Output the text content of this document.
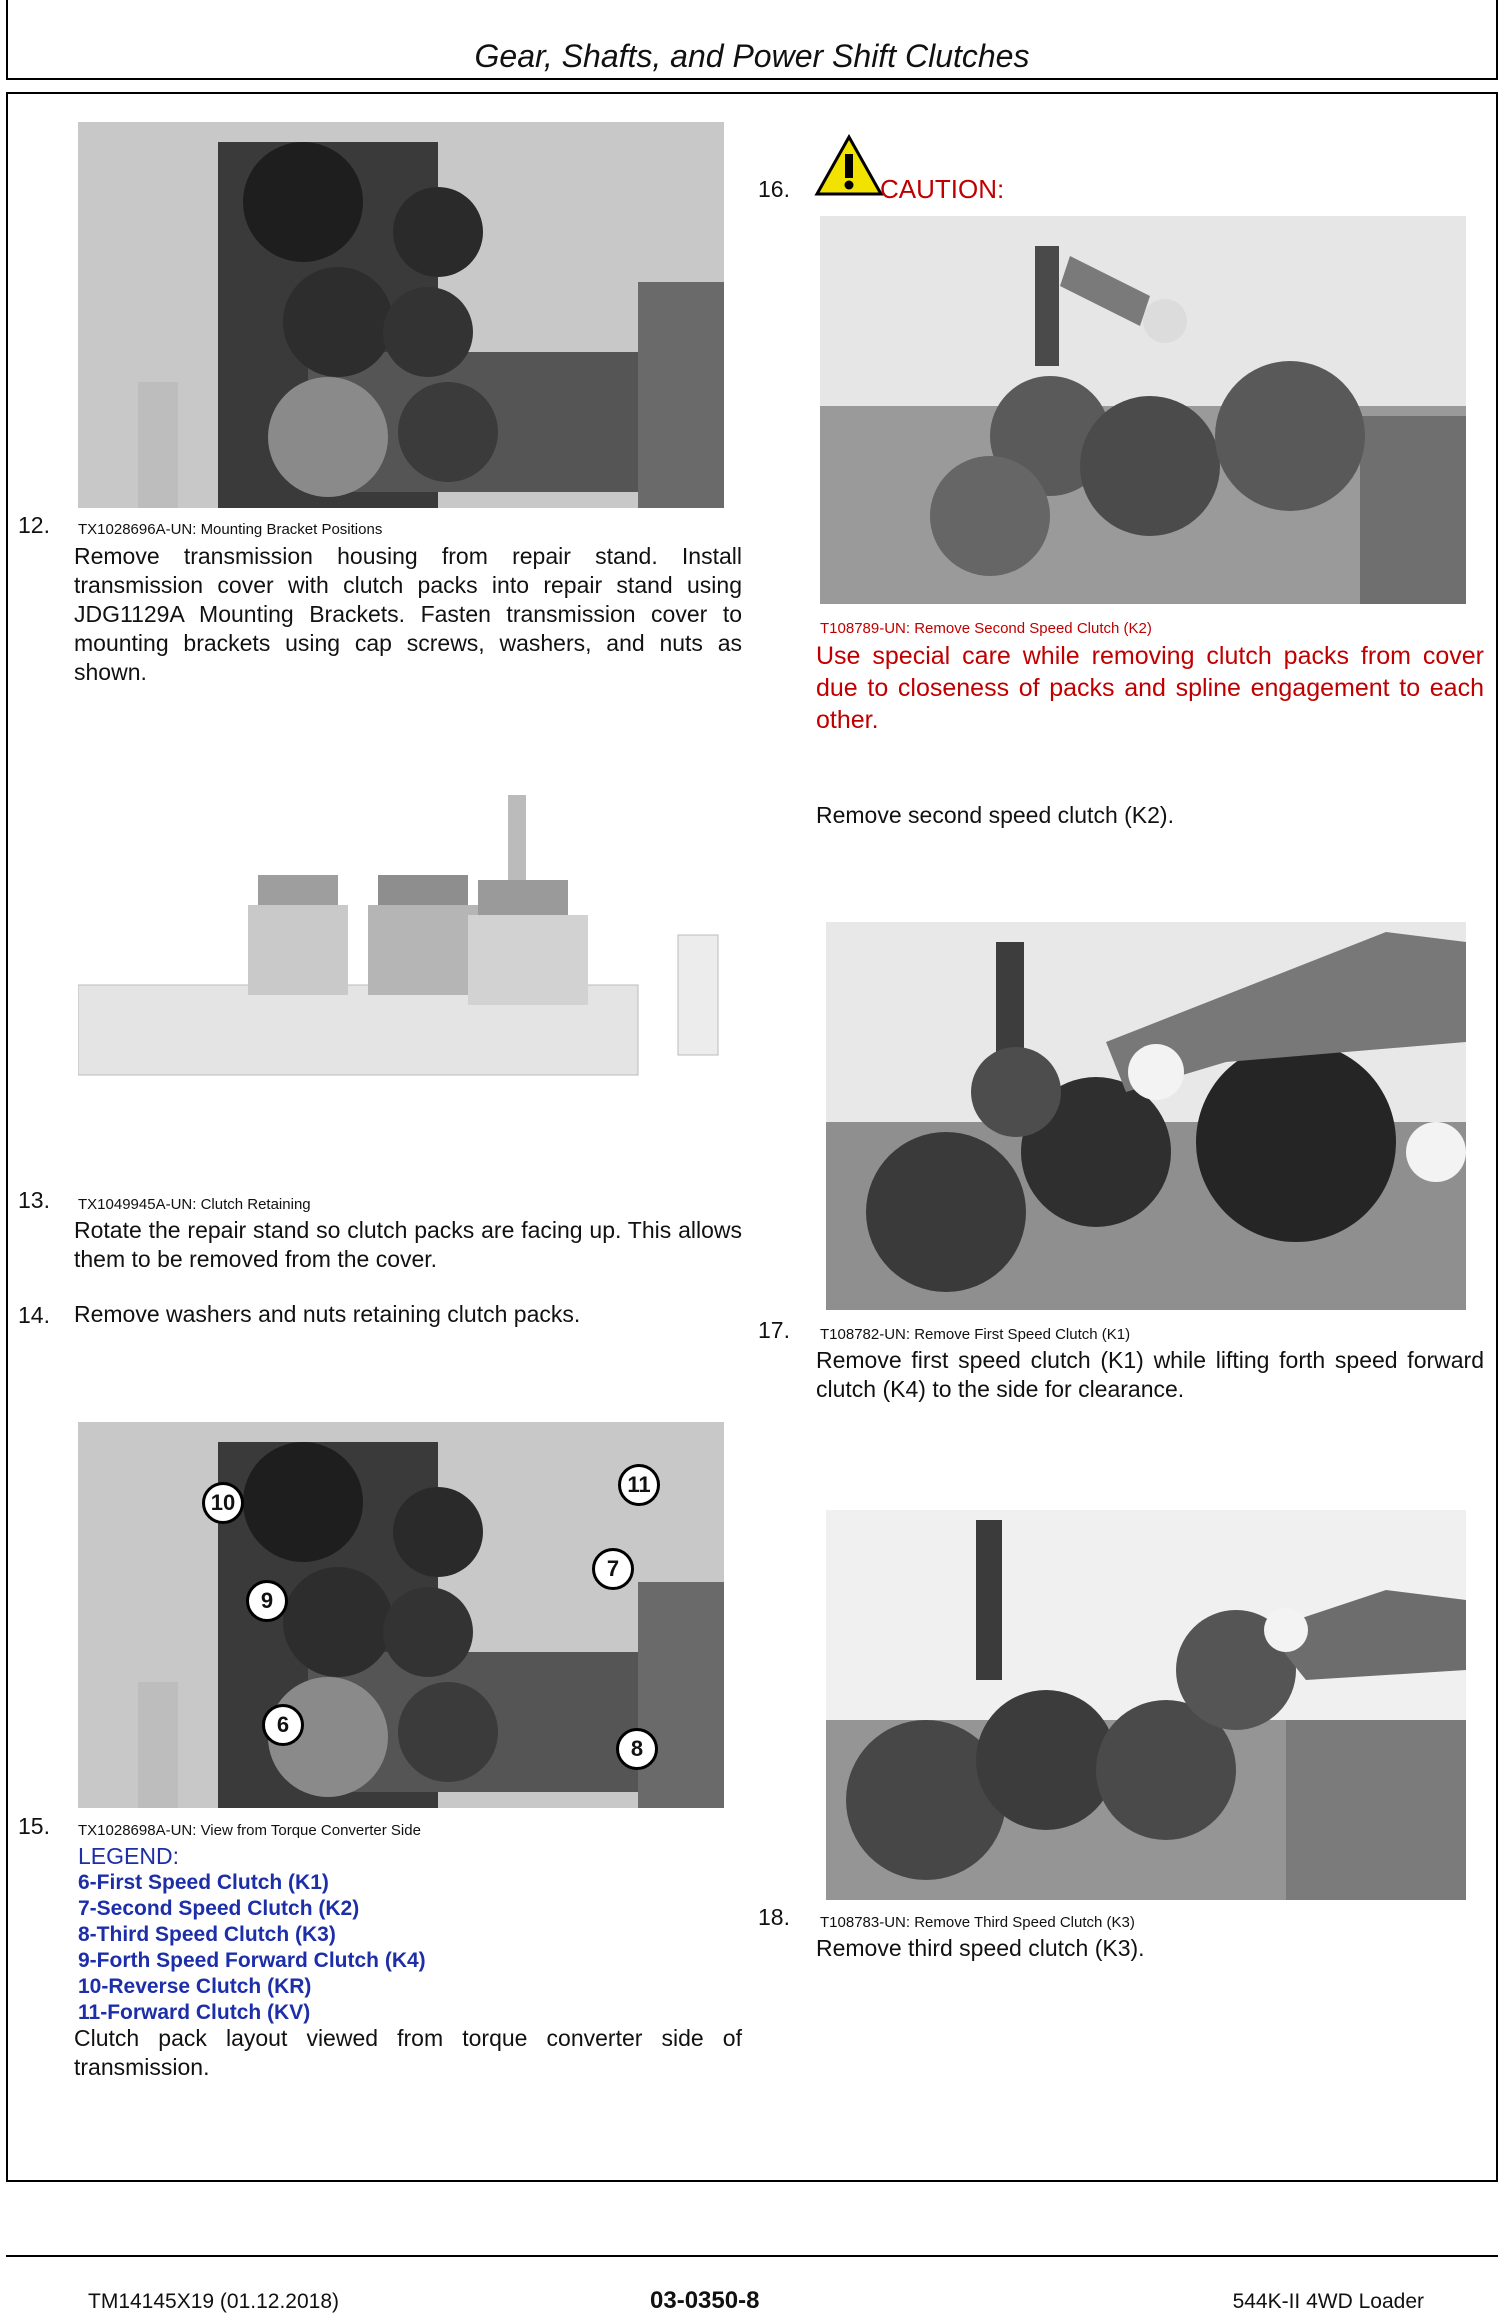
Gear, Shafts, and Power Shift Clutches
12. TX1028696A-UN: Mounting Bracket Positions
Remove transmission housing from repair stand. Install transmission cover with clutch packs into repair stand using JDG1129A Mounting Brackets. Fasten transmission cover to mounting brackets using cap screws, washers, and nuts as shown.
13. TX1049945A-UN: Clutch Retaining
Rotate the repair stand so clutch packs are facing up. This allows them to be removed from the cover.
14. Remove washers and nuts retaining clutch packs.
10
11
9
7
6
8
15. TX1028698A-UN: View from Torque Converter Side
LEGEND:
6-First Speed Clutch (K1)
7-Second Speed Clutch (K2)
8-Third Speed Clutch (K3)
9-Forth Speed Forward Clutch (K4)
10-Reverse Clutch (KR)
11-Forward Clutch (KV)
Clutch pack layout viewed from torque converter side of transmission.
16.	CAUTION:
T108789-UN: Remove Second Speed Clutch (K2)
Use special care while removing clutch packs from cover due to closeness of packs and spline engagement to each other.
Remove second speed clutch (K2).
17. T108782-UN: Remove First Speed Clutch (K1)
Remove first speed clutch (K1) while lifting forth speed forward clutch (K4) to the side for clearance.
18. T108783-UN: Remove Third Speed Clutch (K3)
Remove third speed clutch (K3).
TM14145X19 (01.12.2018)	03-0350-8	544K-II 4WD Loader
